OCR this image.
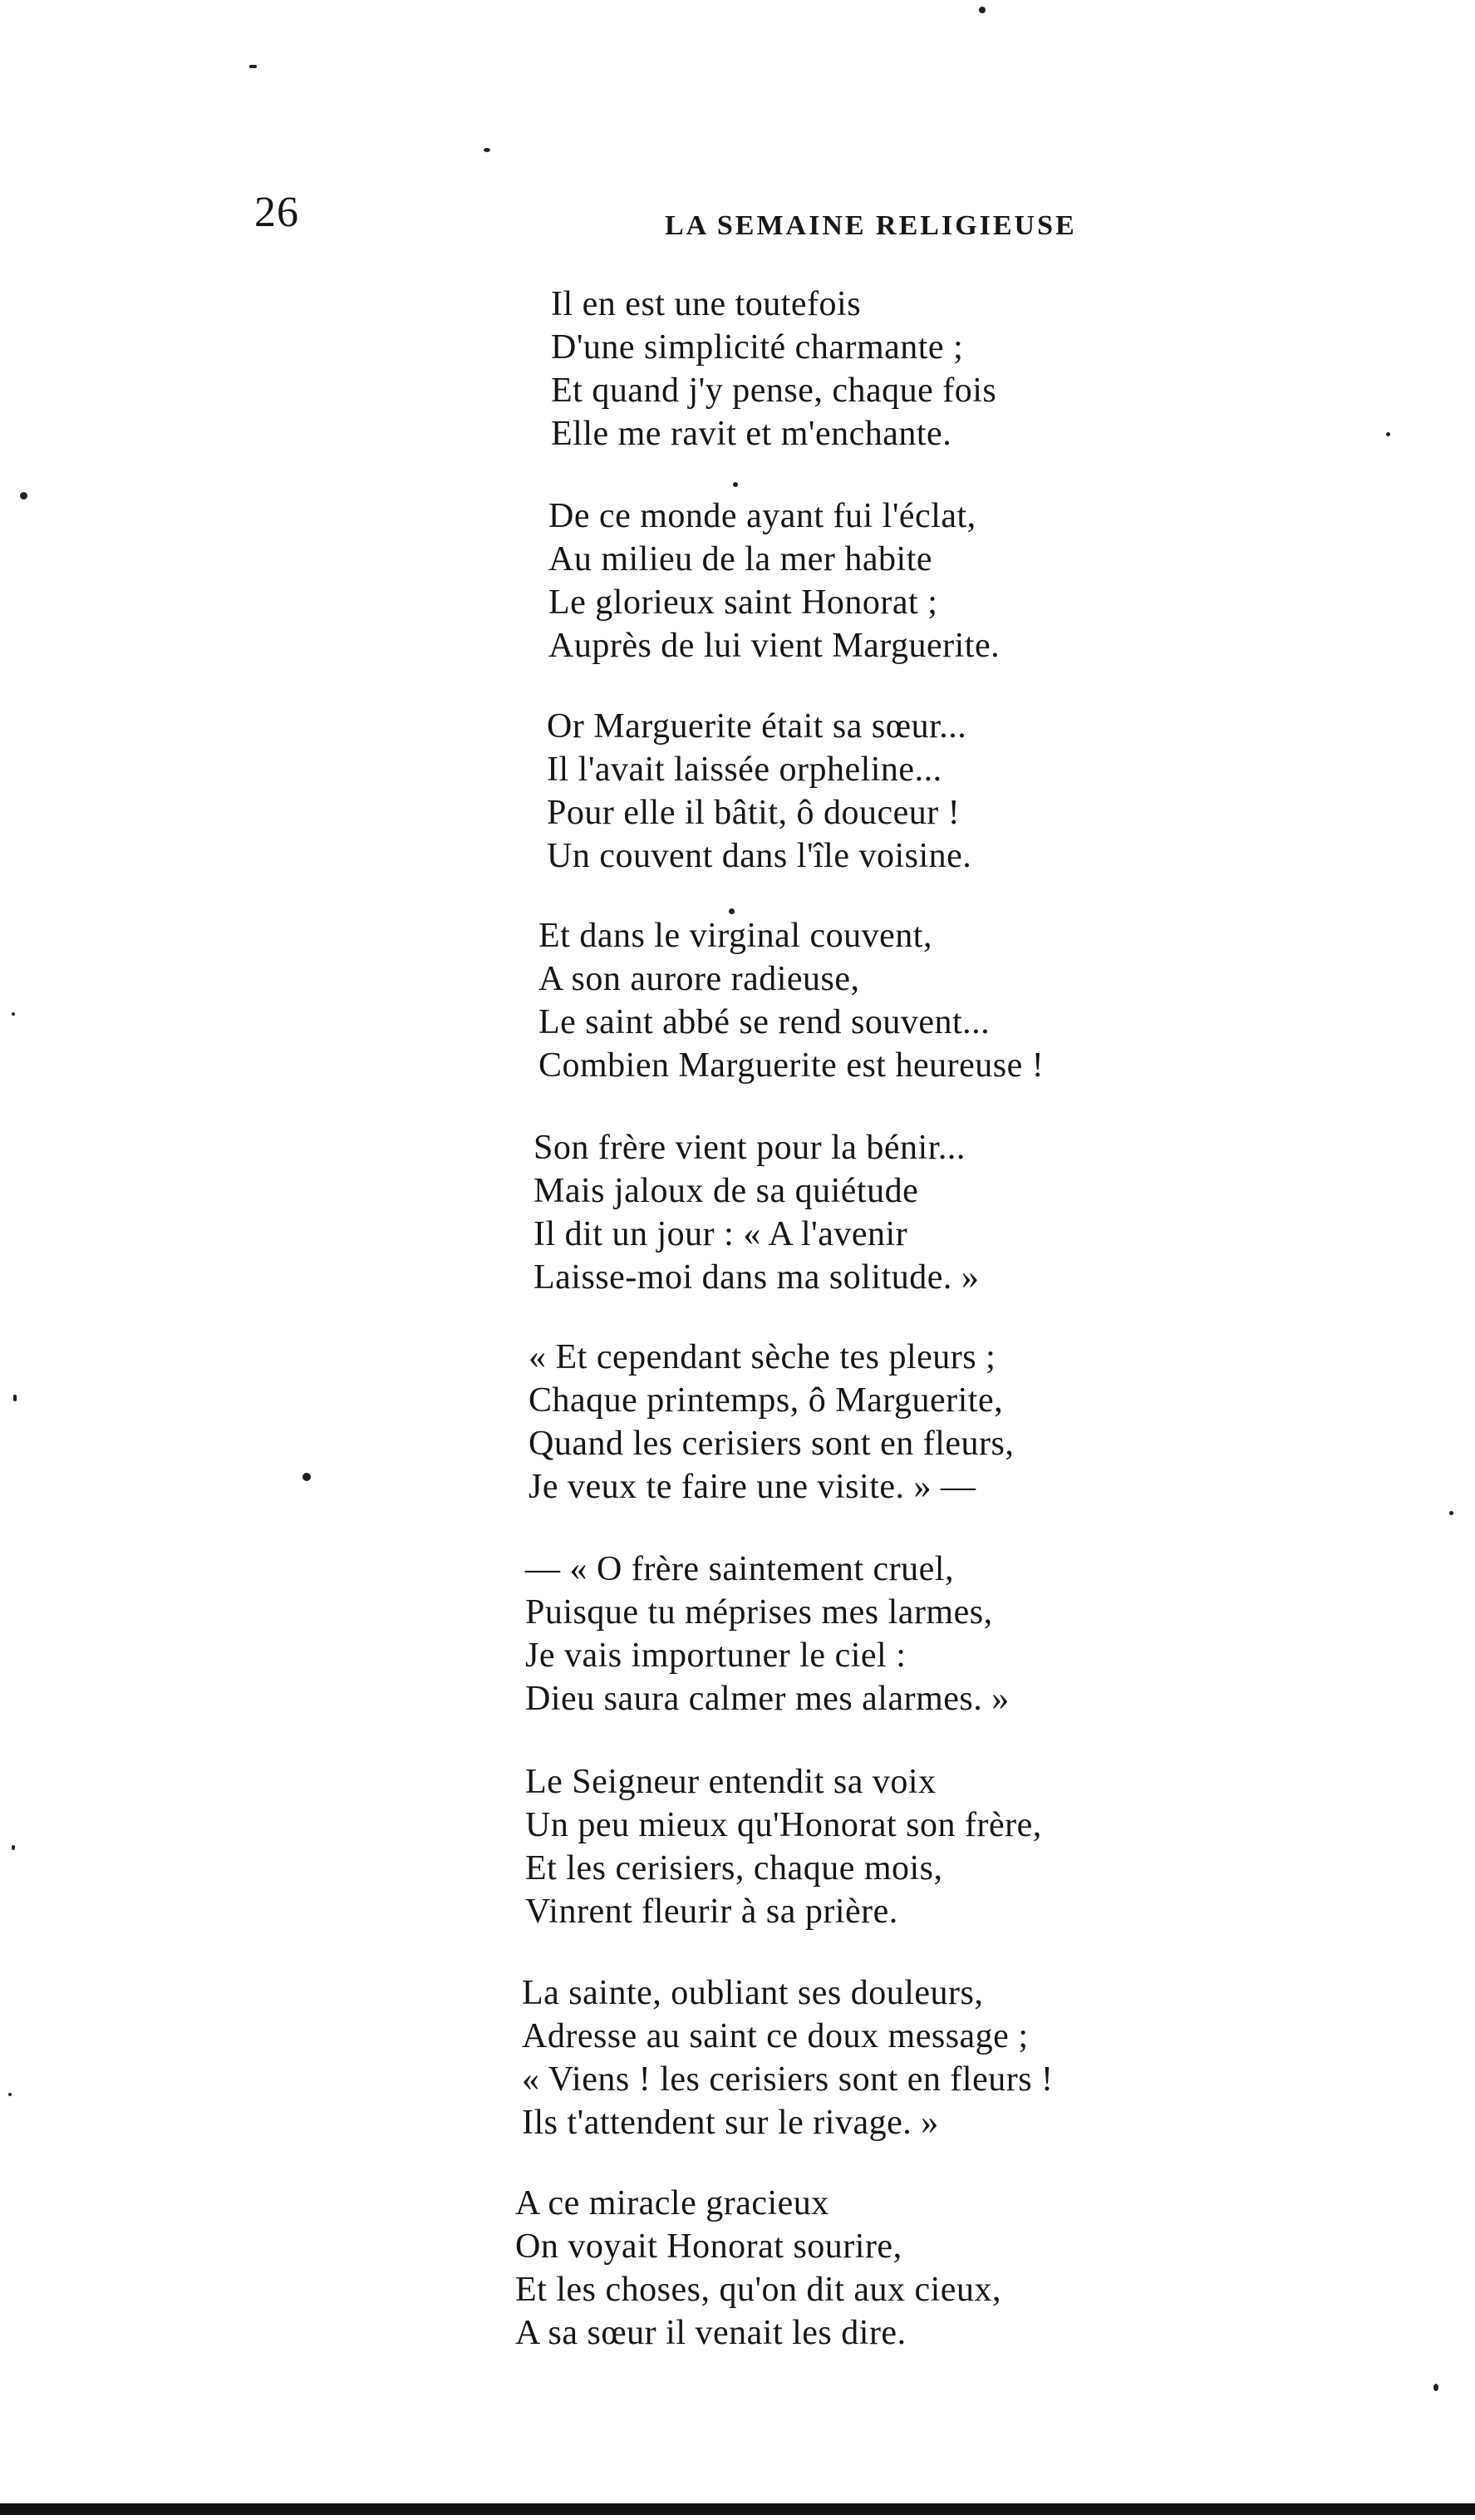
26	LA SEMAINE RELIGIEUSE
Il en est une toutefois
D'une simplicité charmante ;
Et quand j'y pense, chaque fois
Elle me ravit et m'enchante.
De ce monde ayant fui l'éclat,
Au milieu de la mer habite
Le glorieux saint Honorat ;
Auprès de lui vient Marguerite.
Or Marguerite était sa sœur...
Il l'avait laissée orpheline...
Pour elle il bâtit, ô douceur !
Un couvent dans l'île voisine.
Et dans le virginal couvent,
A son aurore radieuse,
Le saint abbé se rend souvent...
Combien Marguerite est heureuse !
Son frère vient pour la bénir...
Mais jaloux de sa quiétude
Il dit un jour : « A l'avenir
Laisse-moi dans ma solitude. »
« Et cependant sèche tes pleurs ;
Chaque printemps, ô Marguerite,
Quand les cerisiers sont en fleurs,
Je veux te faire une visite. » —
— « O frère saintement cruel,
Puisque tu méprises mes larmes,
Je vais importuner le ciel :
Dieu saura calmer mes alarmes. »
Le Seigneur entendit sa voix
Un peu mieux qu'Honorat son frère,
Et les cerisiers, chaque mois,
Vinrent fleurir à sa prière.
La sainte, oubliant ses douleurs,
Adresse au saint ce doux message ;
« Viens ! les cerisiers sont en fleurs !
Ils t'attendent sur le rivage. »
A ce miracle gracieux
On voyait Honorat sourire,
Et les choses, qu'on dit aux cieux,
A sa sœur il venait les dire.
